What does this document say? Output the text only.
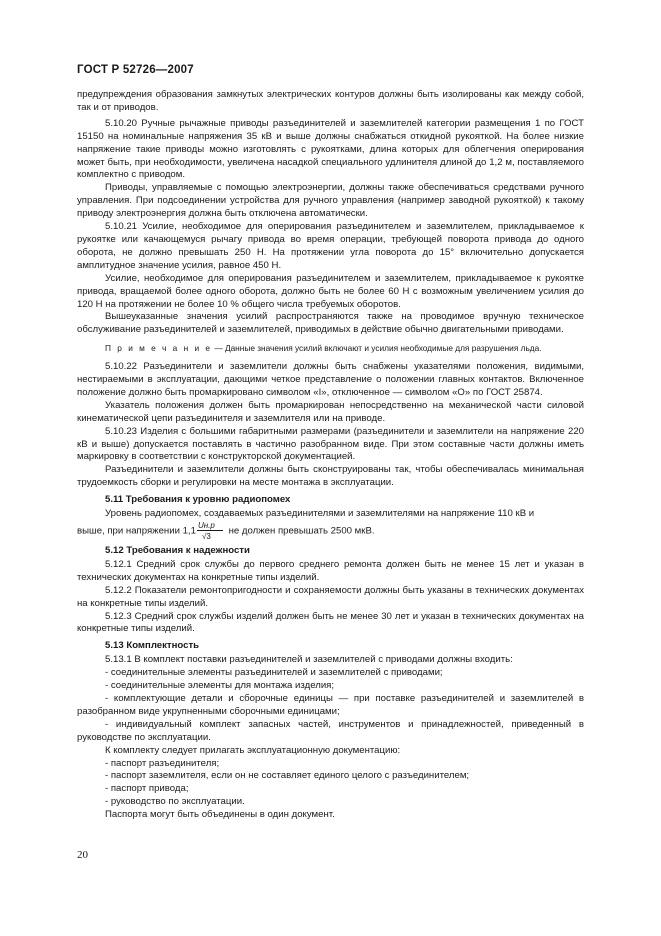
ГОСТ Р 52726—2007

предупреждения образования замкнутых электрических контуров должны быть изолированы как между собой, так и от приводов.

5.10.20 Ручные рычажные приводы разъединителей и заземлителей категории размещения 1 по ГОСТ 15150 на номинальные напряжения 35 кВ и выше должны снабжаться откидной рукояткой. На более низкие напряжение такие приводы можно изготовлять с рукоятками, длина которых для облегчения оперирования может быть, при необходимости, увеличена насадкой специального удлинителя длиной до 1,2 м, поставляемого комплектно с приводом.

Приводы, управляемые с помощью электроэнергии, должны также обеспечиваться средствами ручного управления. При подсоединении устройства для ручного управления (например заводной рукояткой) к такому приводу электроэнергия должна быть отключена автоматически.

5.10.21 Усилие, необходимое для оперирования разъединителем и заземлителем, прикладываемое к рукоятке или качающемуся рычагу привода во время операции, требующей поворота привода до одного оборота, не должно превышать 250 Н. На протяжении угла поворота до 15° включительно допускается амплитудное значение усилия, равное 450 Н.

Усилие, необходимое для оперирования разъединителем и заземлителем, прикладываемое к рукоятке привода, вращаемой более одного оборота, должно быть не более 60 Н с возможным увеличением усилия до 120 Н на протяжении не более 10 % общего числа требуемых оборотов.

Вышеуказанные значения усилий распространяются также на проводимое вручную техническое обслуживание разъединителей и заземлителей, приводимых в действие обычно двигательными приводами.

П р и м е ч а н и е — Данные значения усилий включают и усилия необходимые для разрушения льда.

5.10.22 Разъединители и заземлители должны быть снабжены указателями положения, видимыми, нестираемыми в эксплуатации, дающими четкое представление о положении главных контактов. Включенное положение должно быть промаркировано символом «I», отключенное — символом «O» по ГОСТ 25874.

Указатель положения должен быть промаркирован непосредственно на механической части силовой кинематической цепи разъединителя и заземлителя или на приводе.

5.10.23 Изделия с большими габаритными размерами (разъединители и заземлители на напряжение 220 кВ и выше) допускается поставлять в частично разобранном виде. При этом составные части должны иметь маркировку в соответствии с конструкторской документацией.

Разъединители и заземлители должны быть сконструированы так, чтобы обеспечивалась минимальная трудоемкость сборки и регулировки на месте монтажа в эксплуатации.

5.11 Требования к уровню радиопомех

Уровень радиопомех, создаваемых разъединителями и заземлителями на напряжение 110 кВ и

выше, при напряжении $1,1 \frac{Uн.р}{√3}$ не должен превышать 2500 мкВ.

5.12 Требования к надежности

5.12.1 Средний срок службы до первого среднего ремонта должен быть не менее 15 лет и указан в технических документах на конкретные типы изделий.

5.12.2 Показатели ремонтопригодности и сохраняемости должны быть указаны в технических документах на конкретные типы изделий.

5.12.3 Средний срок службы изделий должен быть не менее 30 лет и указан в технических документах на конкретные типы изделий.

5.13 Комплектность

5.13.1 В комплект поставки разъединителей и заземлителей с приводами должны входить:

- соединительные элементы разъединителей и заземлителей с приводами;

- соединительные элементы для монтажа изделия;

- комплектующие детали и сборочные единицы — при поставке разъединителей и заземлителей в разобранном виде укрупненными сборочными единицами;

- индивидуальный комплект запасных частей, инструментов и принадлежностей, приведенный в руководстве по эксплуатации.

К комплекту следует прилагать эксплуатационную документацию:

- паспорт разъединителя;

- паспорт заземлителя, если он не составляет единого целого с разъединителем;

- паспорт привода;

- руководство по эксплуатации.

Паспорта могут быть объединены в один документ.

20
